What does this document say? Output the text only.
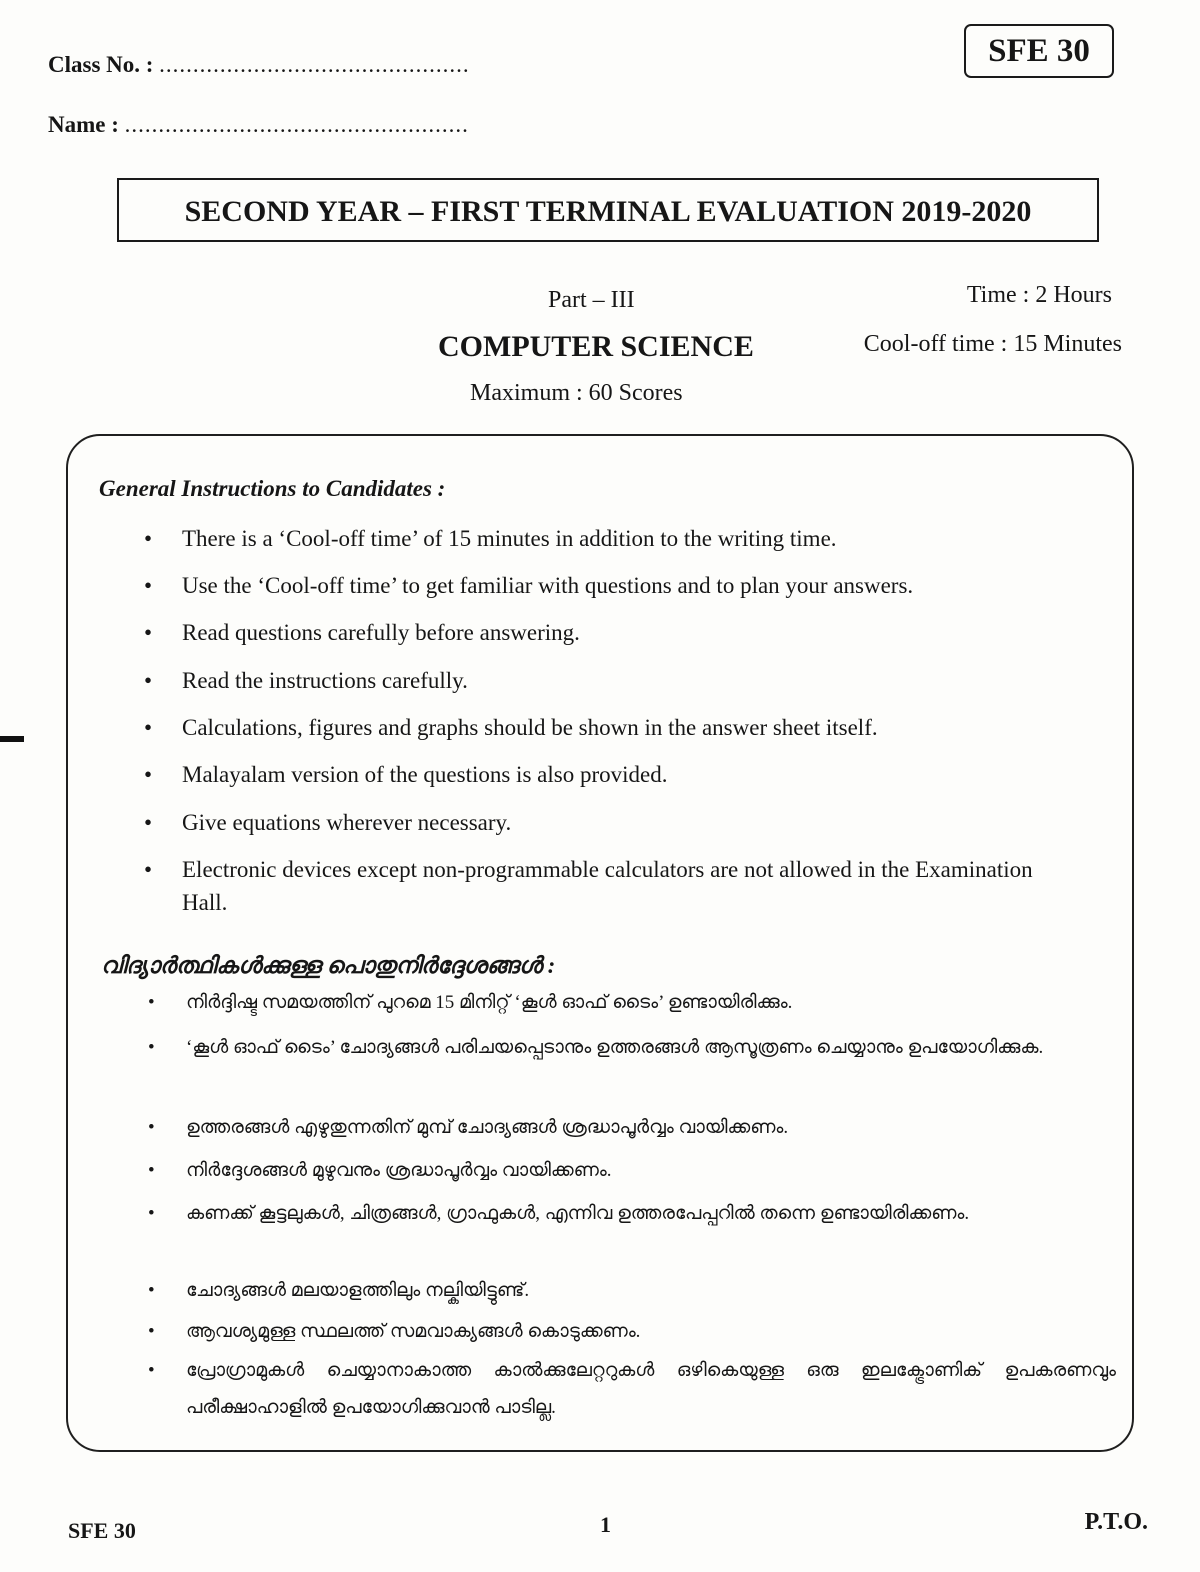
Class No. : ..............................................
Name : ...................................................
SFE 30
SECOND YEAR – FIRST TERMINAL EVALUATION 2019-2020
Part – III	Time : 2 Hours
COMPUTER SCIENCE	Cool-off time : 15 Minutes
Maximum : 60 Scores
General Instructions to Candidates :
• There is a ‘Cool-off time’ of 15 minutes in addition to the writing time.
• Use the ‘Cool-off time’ to get familiar with questions and to plan your answers.
• Read questions carefully before answering.
• Read the instructions carefully.
• Calculations, figures and graphs should be shown in the answer sheet itself.
• Malayalam version of the questions is also provided.
• Give equations wherever necessary.
• Electronic devices except non-programmable calculators are not allowed in the Examination Hall.
വിദ്യാർത്ഥികൾക്കുള്ള പൊതുനിർദ്ദേശങ്ങൾ :
• നിർദ്ദിഷ്ട സമയത്തിന് പുറമെ 15 മിനിറ്റ് ‘കൂൾ ഓഫ് ടൈം’ ഉണ്ടായിരിക്കും.
• ‘കൂൾ ഓഫ് ടൈം’ ചോദ്യങ്ങൾ പരിചയപ്പെടാനും ഉത്തരങ്ങൾ ആസൂത്രണം ചെയ്യാനും ഉപയോഗിക്കുക.
• ഉത്തരങ്ങൾ എഴുതുന്നതിന് മുമ്പ് ചോദ്യങ്ങൾ ശ്രദ്ധാപൂർവ്വം വായിക്കണം.
• നിർദ്ദേശങ്ങൾ മുഴുവനും ശ്രദ്ധാപൂർവ്വം വായിക്കണം.
• കണക്ക് കൂട്ടലുകൾ, ചിത്രങ്ങൾ, ഗ്രാഫുകൾ, എന്നിവ ഉത്തരപേപ്പറിൽ തന്നെ ഉണ്ടായിരിക്കണം.
• ചോദ്യങ്ങൾ മലയാളത്തിലും നല്കിയിട്ടുണ്ട്.
• ആവശ്യമുള്ള സ്ഥലത്ത് സമവാക്യങ്ങൾ കൊടുക്കണം.
• പ്രോഗ്രാമുകൾ ചെയ്യാനാകാത്ത കാൽക്കുലേറ്ററുകൾ ഒഴികെയുള്ള ഒരു ഇലക്ട്രോണിക് ഉപകരണവും പരീക്ഷാഹാളിൽ ഉപയോഗിക്കുവാൻ പാടില്ല.
SFE 30	1	P.T.O.
